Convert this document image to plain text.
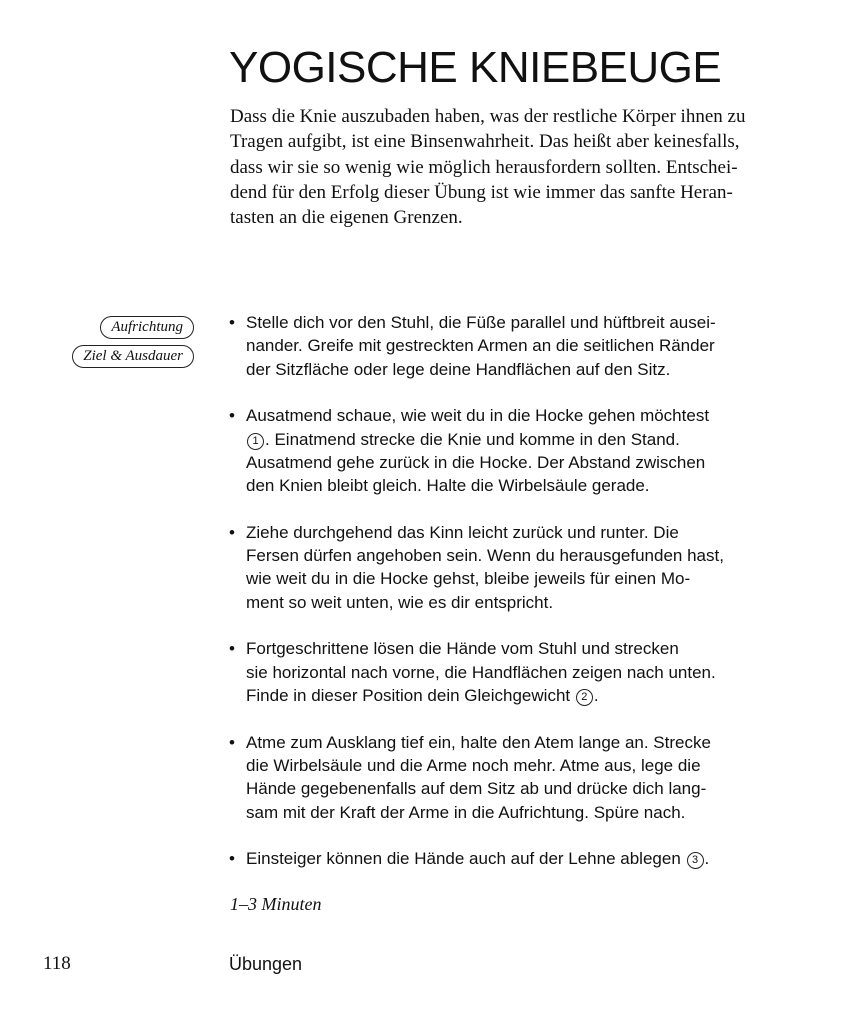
YOGISCHE KNIEBEUGE
Dass die Knie auszubaden haben, was der restliche Körper ihnen zu
Tragen aufgibt, ist eine Binsenwahrheit. Das heißt aber keinesfalls,
dass wir sie so wenig wie möglich herausfordern sollten. Entschei-
dend für den Erfolg dieser Übung ist wie immer das sanfte Heran-
tasten an die eigenen Grenzen.
Aufrichtung
Ziel & Ausdauer
• Stelle dich vor den Stuhl, die Füße parallel und hüftbreit ausei-
nander. Greife mit gestreckten Armen an die seitlichen Ränder
der Sitzfläche oder lege deine Handflächen auf den Sitz.
• Ausatmend schaue, wie weit du in die Hocke gehen möchtest
1 . Einatmend strecke die Knie und komme in den Stand.
Ausatmend gehe zurück in die Hocke. Der Abstand zwischen
den Knien bleibt gleich. Halte die Wirbelsäule gerade.
• Ziehe durchgehend das Kinn leicht zurück und runter. Die
Fersen dürfen angehoben sein. Wenn du herausgefunden hast,
wie weit du in die Hocke gehst, bleibe jeweils für einen Mo-
ment so weit unten, wie es dir entspricht.
• Fortgeschrittene lösen die Hände vom Stuhl und strecken
sie horizontal nach vorne, die Handflächen zeigen nach unten.
Finde in dieser Position dein Gleichgewicht 2 .
• Atme zum Ausklang tief ein, halte den Atem lange an. Strecke
die Wirbelsäule und die Arme noch mehr. Atme aus, lege die
Hände gegebenenfalls auf dem Sitz ab und drücke dich lang-
sam mit der Kraft der Arme in die Aufrichtung. Spüre nach.
• Einsteiger können die Hände auch auf der Lehne ablegen 3 .
1–3 Minuten
118	Übungen
